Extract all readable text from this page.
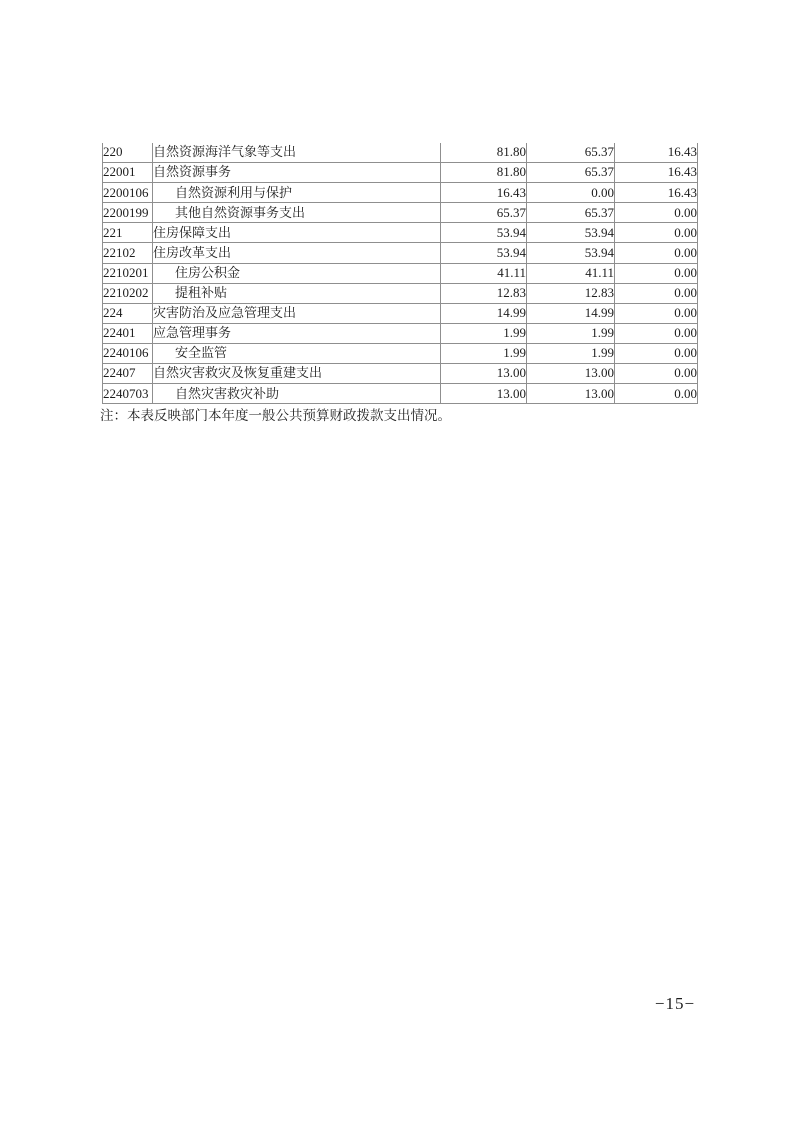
220	自然资源海洋气象等支出	81.80	65.37	16.43
22001	自然资源事务	81.80	65.37	16.43
2200106	自然资源利用与保护	16.43	0.00	16.43
2200199	其他自然资源事务支出	65.37	65.37	0.00
221	住房保障支出	53.94	53.94	0.00
22102	住房改革支出	53.94	53.94	0.00
2210201	住房公积金	41.11	41.11	0.00
2210202	提租补贴	12.83	12.83	0.00
224	灾害防治及应急管理支出	14.99	14.99	0.00
22401	应急管理事务	1.99	1.99	0.00
2240106	安全监管	1.99	1.99	0.00
22407	自然灾害救灾及恢复重建支出	13.00	13.00	0.00
2240703	自然灾害救灾补助	13.00	13.00	0.00
注：本表反映部门本年度一般公共预算财政拨款支出情况。
−15−
